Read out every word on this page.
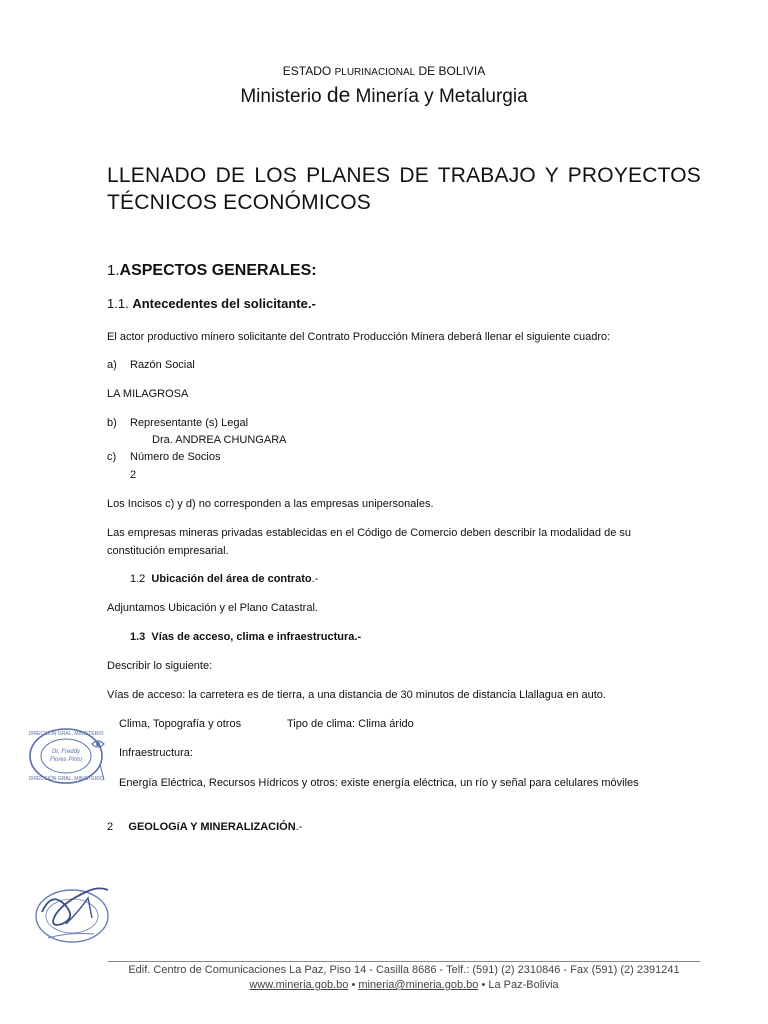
ESTADO PLURINACIONAL DE BOLIVIA

Ministerio de Minería y Metalurgia

LLENADO DE LOS PLANES DE TRABAJO Y PROYECTOS TÉCNICOS ECONÓMICOS

1.ASPECTOS GENERALES:

1.1. Antecedentes del solicitante.-

El actor productivo minero solicitante del Contrato Producción Minera deberá llenar el siguiente cuadro:

a) Razón Social

LA MILAGROSA

b) Representante (s) Legal

Dra. ANDREA CHUNGARA

c) Número de Socios

2

Los Incisos c) y d) no corresponden a las empresas unipersonales.

Las empresas mineras privadas establecidas en el Código de Comercio deben describir la modalidad de su

constitución empresarial.

1.2 Ubicación del área de contrato.-

Adjuntamos Ubicación y el Plano Catastral.

1.3 Vías de acceso, clima e infraestructura.-

Describir lo siguiente:

Vías de acceso: la carretera es de tierra, a una distancia de 30 minutos de distancia Llallagua en auto.

Clima, Topografía y otros	Tipo de clima: Clima árido

Infraestructura:

Energía Eléctrica, Recursos Hídricos y otros: existe energía eléctrica, un río y señal para celulares móviles

2 GEOLOGíA Y MINERALIZACIÓN.-

DIRECCIÓN GRAL. MINISTERIO
Dr. Freddy
Flores Pinto
DIRECCIÓN GRAL. MINISTERIO

Edif. Centro de Comunicaciones La Paz, Piso 14 - Casilla 8686 - Telf.: (591) (2) 2310846 - Fax (591) (2) 2391241

www.mineria.gob.bo • mineria@mineria.gob.bo • La Paz-Bolivia
